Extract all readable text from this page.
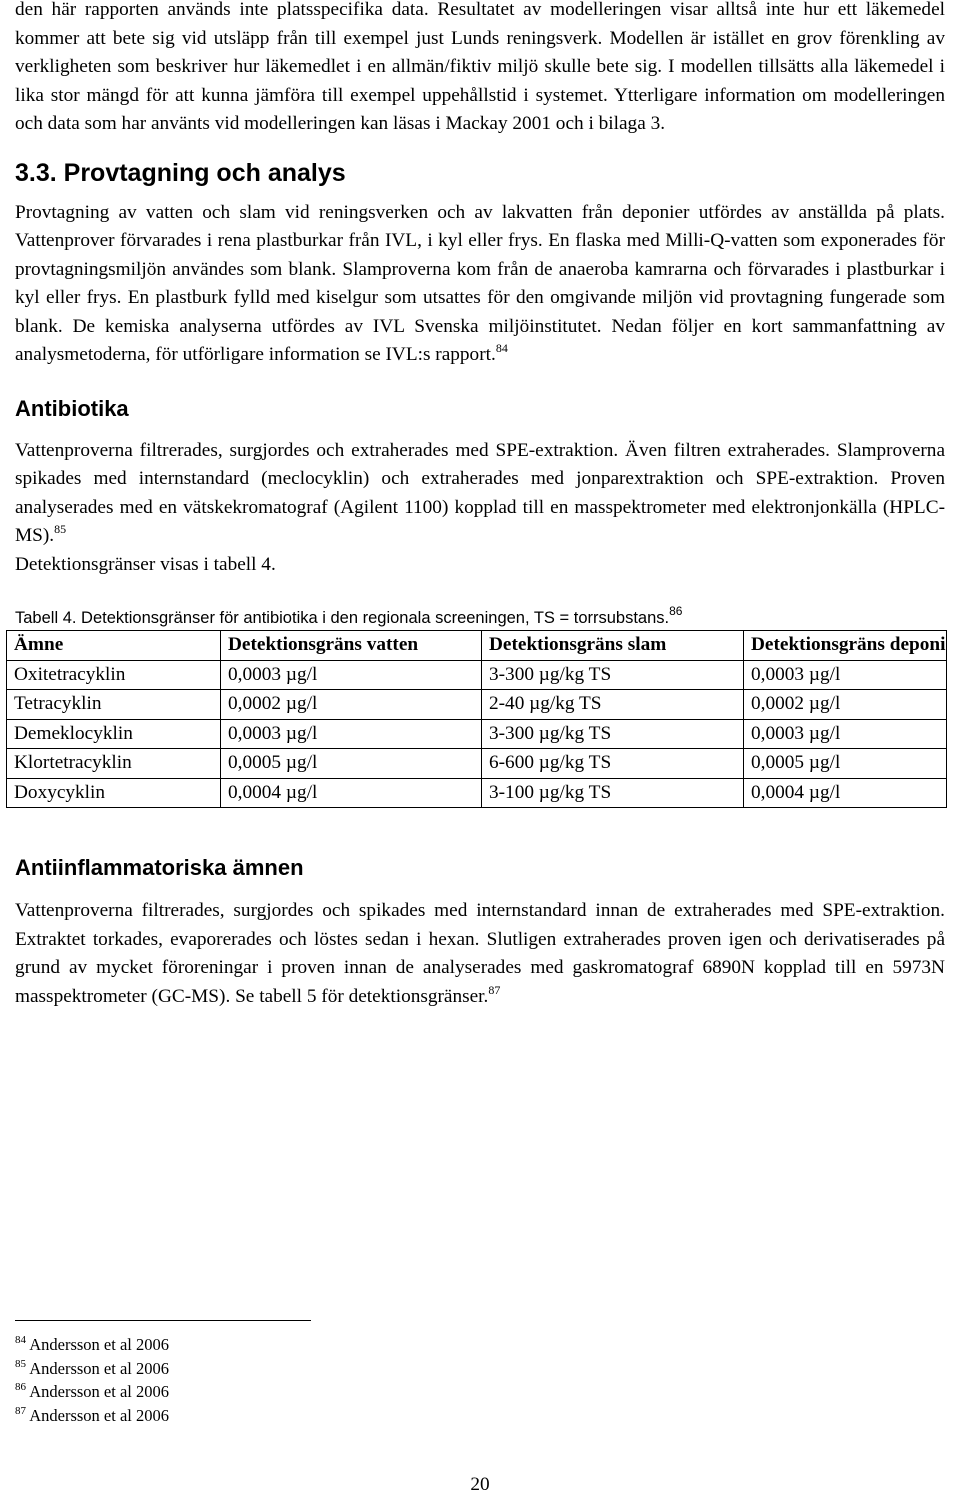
den här rapporten används inte platsspecifika data. Resultatet av modelleringen visar alltså inte hur ett läkemedel kommer att bete sig vid utsläpp från till exempel just Lunds reningsverk. Modellen är istället en grov förenkling av verkligheten som beskriver hur läkemedlet i en allmän/fiktiv miljö skulle bete sig. I modellen tillsätts alla läkemedel i lika stor mängd för att kunna jämföra till exempel uppehållstid i systemet. Ytterligare information om modelleringen och data som har använts vid modelleringen kan läsas i Mackay 2001 och i bilaga 3.

3.3. Provtagning och analys

Provtagning av vatten och slam vid reningsverken och av lakvatten från deponier utfördes av anställda på plats. Vattenprover förvarades i rena plastburkar från IVL, i kyl eller frys. En flaska med Milli-Q-vatten som exponerades för provtagningsmiljön användes som blank. Slamproverna kom från de anaeroba kamrarna och förvarades i plastburkar i kyl eller frys. En plastburk fylld med kiselgur som utsattes för den omgivande miljön vid provtagning fungerade som blank. De kemiska analyserna utfördes av IVL Svenska miljöinstitutet. Nedan följer en kort sammanfattning av analysmetoderna, för utförligare information se IVL:s rapport.$^{84}$

Antibiotika

Vattenproverna filtrerades, surgjordes och extraherades med SPE-extraktion. Även filtren extraherades. Slamproverna spikades med internstandard (meclocyklin) och extraherades med jonparextraktion och SPE-extraktion. Proven analyserades med en vätskekromatograf (Agilent 1100) kopplad till en masspektrometer med elektronjonkälla (HPLC-MS).$^{85}$
Detektionsgränser visas i tabell 4.

Tabell 4. Detektionsgränser för antibiotika i den regionala screeningen, TS = torrsubstans.$^{86}$

Ämne	Detektionsgräns vatten	Detektionsgräns slam	Detektionsgräns deponi
Oxitetracyklin	0,0003 µg/l	3-300 µg/kg TS	0,0003 µg/l
Tetracyklin	0,0002 µg/l	2-40 µg/kg TS	0,0002 µg/l
Demeklocyklin	0,0003 µg/l	3-300 µg/kg TS	0,0003 µg/l
Klortetracyklin	0,0005 µg/l	6-600 µg/kg TS	0,0005 µg/l
Doxycyklin	0,0004 µg/l	3-100 µg/kg TS	0,0004 µg/l
Antiinflammatoriska ämnen

Vattenproverna filtrerades, surgjordes och spikades med internstandard innan de extraherades med SPE-extraktion. Extraktet torkades, evaporerades och löstes sedan i hexan. Slutligen extraherades proven igen och derivatiserades på grund av mycket föroreningar i proven innan de analyserades med gaskromatograf 6890N kopplad till en 5973N masspektrometer (GC-MS). Se tabell 5 för detektionsgränser.$^{87}$

$^{84}$ Andersson et al 2006
$^{85}$ Andersson et al 2006
$^{86}$ Andersson et al 2006
$^{87}$ Andersson et al 2006
20
